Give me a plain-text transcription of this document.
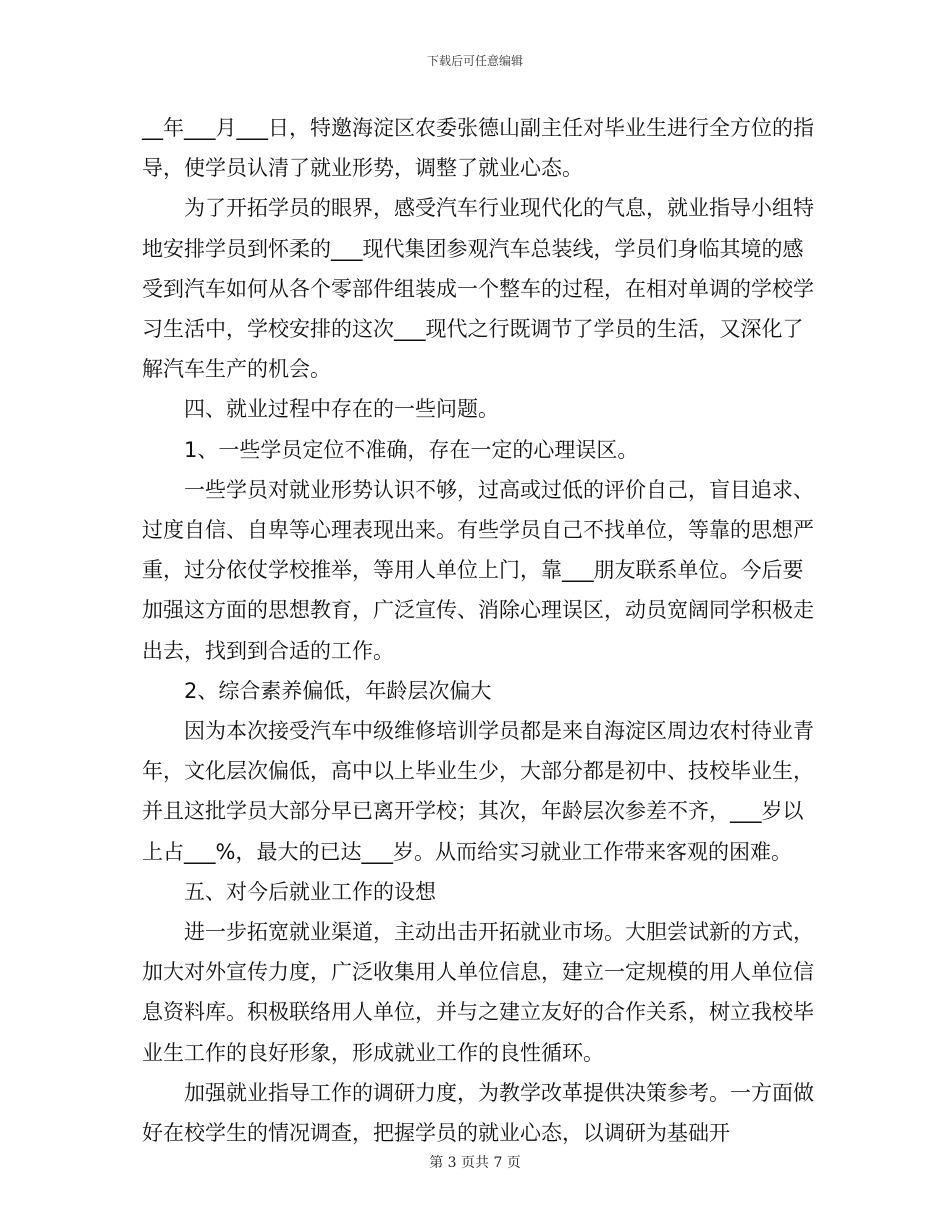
下载后可任意编辑

__年___月___日，特邀海淀区农委张德山副主任对毕业生进行全方位的指导，使学员认清了就业形势，调整了就业心态。

为了开拓学员的眼界，感受汽车行业现代化的气息，就业指导小组特地安排学员到怀柔的___现代集团参观汽车总装线，学员们身临其境的感受到汽车如何从各个零部件组装成一个整车的过程，在相对单调的学校学习生活中，学校安排的这次___现代之行既调节了学员的生活，又深化了解汽车生产的机会。

四、就业过程中存在的一些问题。

1、一些学员定位不准确，存在一定的心理误区。

一些学员对就业形势认识不够，过高或过低的评价自己，盲目追求、过度自信、自卑等心理表现出来。有些学员自己不找单位，等靠的思想严重，过分依仗学校推举，等用人单位上门，靠___朋友联系单位。今后要加强这方面的思想教育，广泛宣传、消除心理误区，动员宽阔同学积极走出去，找到到合适的工作。

2、综合素养偏低，年龄层次偏大

因为本次接受汽车中级维修培训学员都是来自海淀区周边农村待业青年，文化层次偏低，高中以上毕业生少，大部分都是初中、技校毕业生，并且这批学员大部分早已离开学校；其次，年龄层次参差不齐，___岁以上占___%，最大的已达___岁。从而给实习就业工作带来客观的困难。

五、对今后就业工作的设想

进一步拓宽就业渠道，主动出击开拓就业市场。大胆尝试新的方式，加大对外宣传力度，广泛收集用人单位信息，建立一定规模的用人单位信息资料库。积极联络用人单位，并与之建立友好的合作关系，树立我校毕业生工作的良好形象，形成就业工作的良性循环。

加强就业指导工作的调研力度，为教学改革提供决策参考。一方面做好在校学生的情况调查，把握学员的就业心态，以调研为基础开

第 3 页共 7 页
